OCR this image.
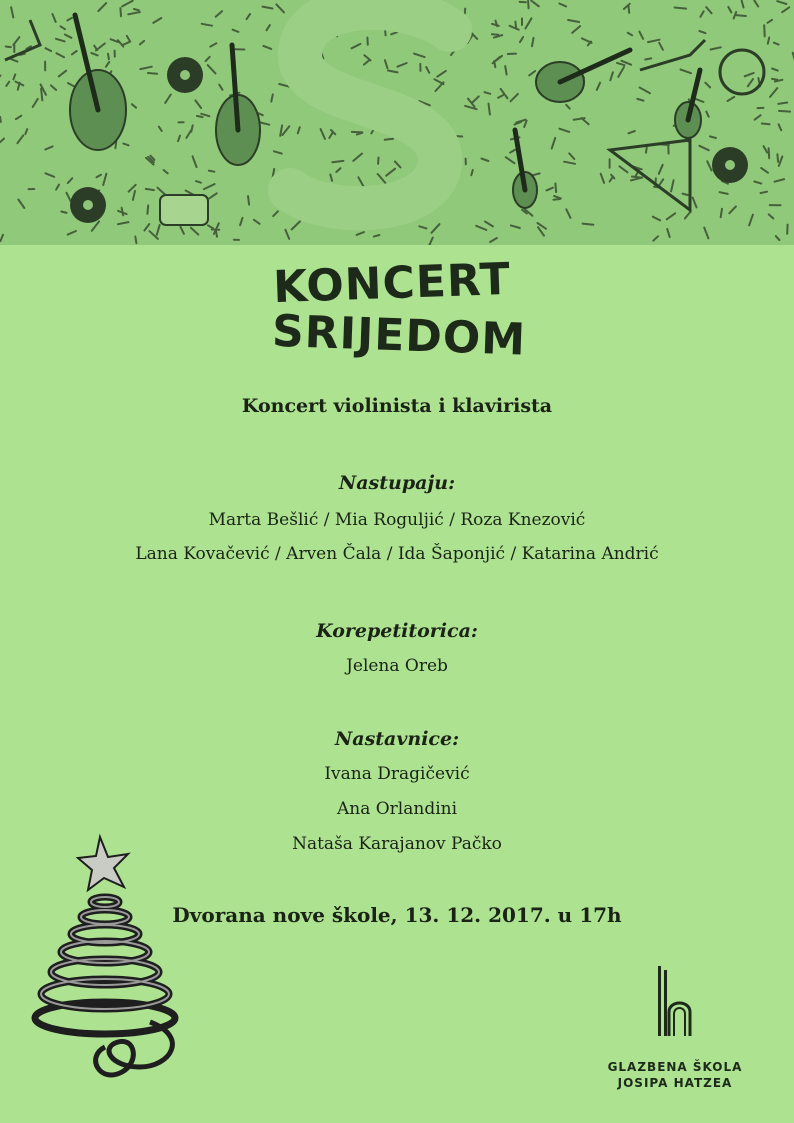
KONCERT
SRIJEDOM
Koncert violinista i klavirista
Nastupaju:
Marta Bešlić / Mia Roguljić / Roza Knezović
Lana Kovačević / Arven Čala / Ida Šaponjić / Katarina Andrić
Korepetitorica:
Jelena Oreb
Nastavnice:
Ivana Dragičević
Ana Orlandini
Nataša Karajanov Pačko
Dvorana nove škole, 13. 12. 2017. u 17h
GLAZBENA ŠKOLA
JOSIPA HATZEA
